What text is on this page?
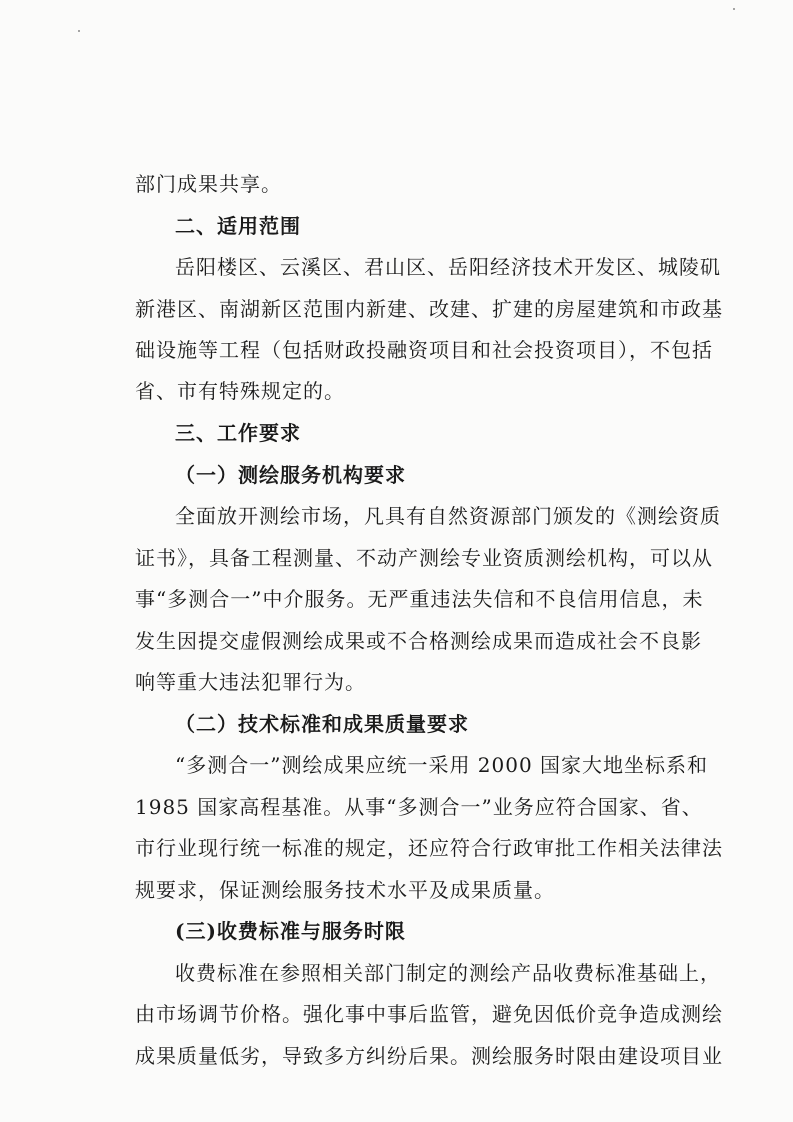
部门成果共享。
二、适用范围
岳阳楼区、云溪区、君山区、岳阳经济技术开发区、城陵矶
新港区、南湖新区范围内新建、改建、扩建的房屋建筑和市政基
础设施等工程（包括财政投融资项目和社会投资项目），不包括
省、市有特殊规定的。
三、工作要求
（一）测绘服务机构要求
全面放开测绘市场，凡具有自然资源部门颁发的《测绘资质
证书》，具备工程测量、不动产测绘专业资质测绘机构，可以从
事“多测合一”中介服务。无严重违法失信和不良信用信息，未
发生因提交虚假测绘成果或不合格测绘成果而造成社会不良影
响等重大违法犯罪行为。
（二）技术标准和成果质量要求
“多测合一”测绘成果应统一采用 2000 国家大地坐标系和
1985 国家高程基准。从事“多测合一”业务应符合国家、省、
市行业现行统一标准的规定，还应符合行政审批工作相关法律法
规要求，保证测绘服务技术水平及成果质量。
(三)收费标准与服务时限
收费标准在参照相关部门制定的测绘产品收费标准基础上，
由市场调节价格。强化事中事后监管，避免因低价竞争造成测绘
成果质量低劣，导致多方纠纷后果。测绘服务时限由建设项目业
